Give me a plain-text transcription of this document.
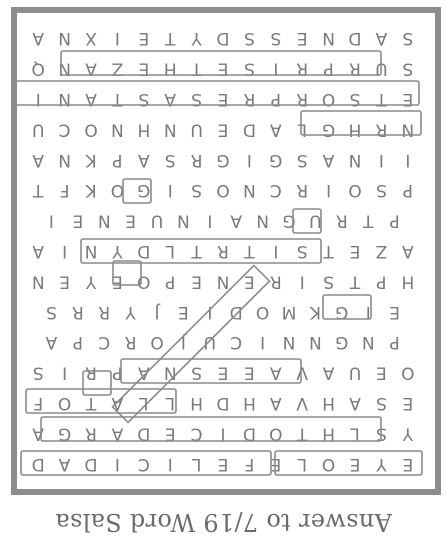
Answer to 7/19 Word Salsa
E
Y
E
O
L
E
F
E
L
I
C
I
D
A
D
Y
S
L
H
T
O
D
I
C
E
D
A
R
G
A
E
S
A
H
V
A
H
D
H
L
L
A
T
O
F
O
E
U
A
V
A
E
E
S
N
A
P
R
I
S
P
N
G
N
N
I
C
U
J
O
R
C
P
A
E
I
G
K
M
O
D
I
E
J
Y
R
R
S
H
P
T
S
I
R
E
N
E
P
O
E
Y
E
N
A
Z
E
T
S
I
T
R
T
L
D
Y
N
I
A
P
T
R
U
G
N
A
I
N
U
E
N
E
I
P
S
O
I
R
C
N
O
S
I
G
O
K
F
T
I
I
N
A
S
G
I
G
R
S
A
P
K
N
A
N
R
H
G
L
A
D
E
U
N
H
N
O
C
U
E
T
S
O
R
P
R
E
S
A
S
T
A
N
I
S
U
R
P
R
I
S
E
T
H
E
Z
A
N
Q
S
A
D
N
E
S
S
D
Y
T
E
I
X
N
A
